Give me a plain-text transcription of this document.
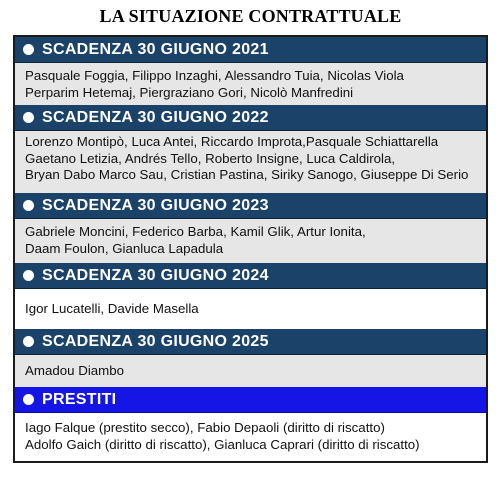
LA SITUAZIONE CONTRATTUALE
SCADENZA 30 GIUGNO 2021
Pasquale Foggia, Filippo Inzaghi, Alessandro Tuia, Nicolas Viola
Perparim Hetemaj, Piergraziano Gori, Nicolò Manfredini
SCADENZA 30 GIUGNO 2022
Lorenzo Montipò, Luca Antei, Riccardo Improta,Pasquale Schiattarella
Gaetano Letizia, Andrés Tello, Roberto Insigne, Luca Caldirola,
Bryan Dabo Marco Sau, Cristian Pastina, Siriky Sanogo, Giuseppe Di Serio
SCADENZA 30 GIUGNO 2023
Gabriele Moncini, Federico Barba, Kamil Glik, Artur Ionita,
Daam Foulon, Gianluca Lapadula
SCADENZA 30 GIUGNO 2024
Igor Lucatelli, Davide Masella
SCADENZA 30 GIUGNO 2025
Amadou Diambo
PRESTITI
Iago Falque (prestito secco), Fabio Depaoli (diritto di riscatto)
Adolfo Gaich (diritto di riscatto), Gianluca Caprari (diritto di riscatto)
